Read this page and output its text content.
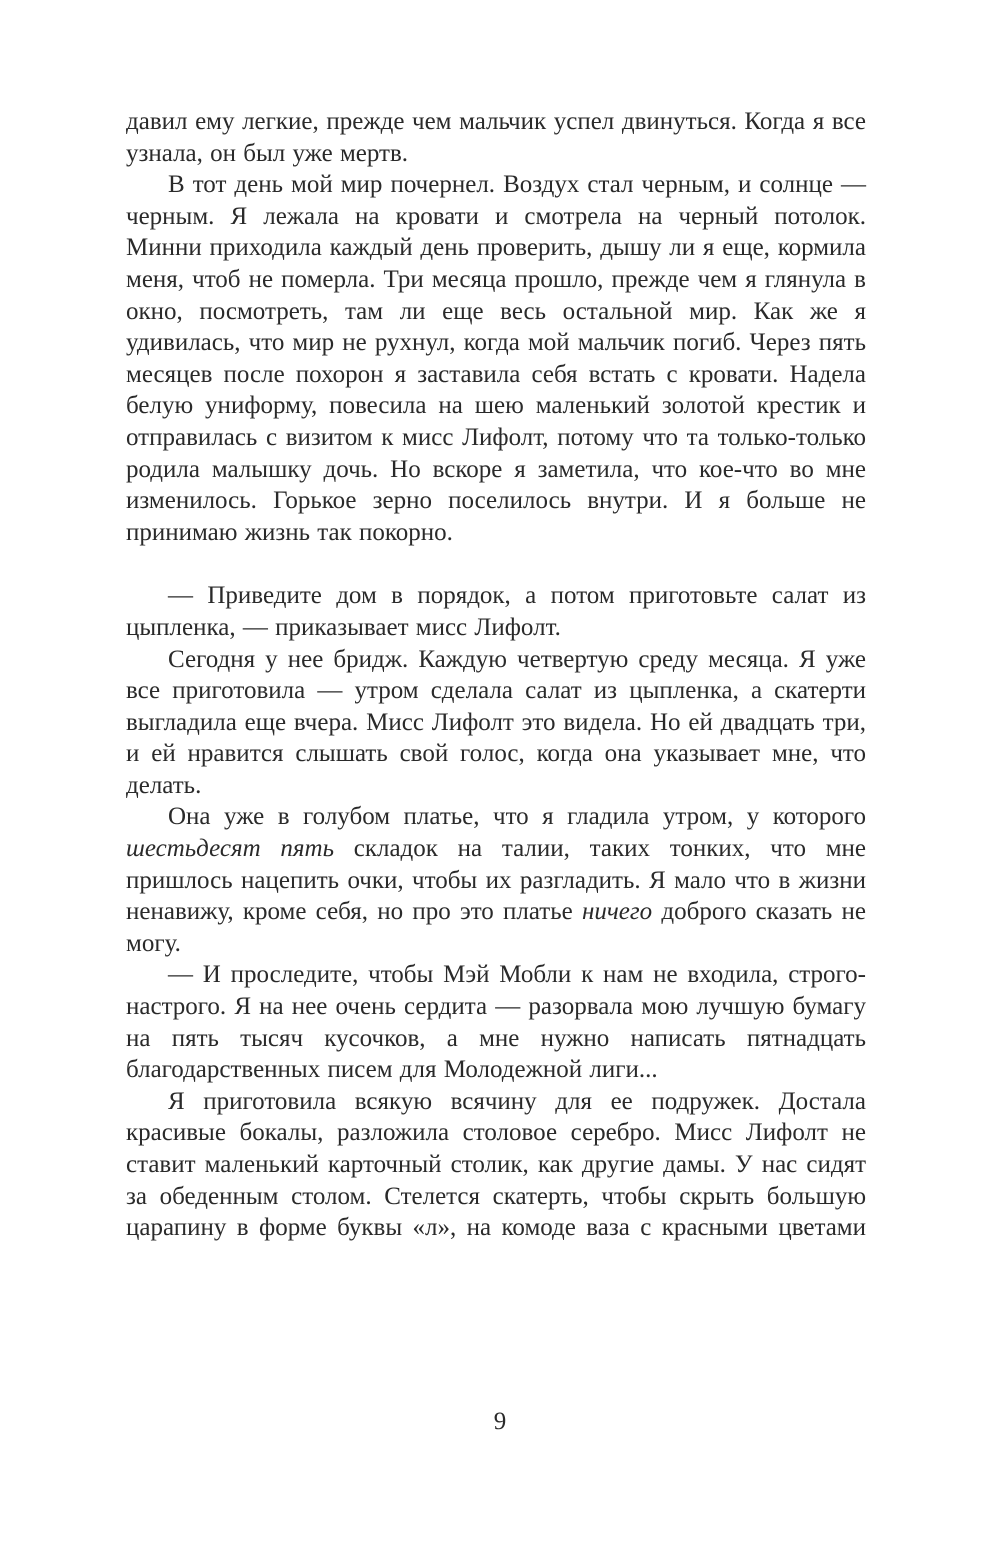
давил ему легкие, прежде чем мальчик успел двинуться. Когда я все узнала, он был уже мертв.

В тот день мой мир почернел. Воздух стал черным, и солнце — черным. Я лежала на кровати и смотрела на черный потолок. Минни приходила каждый день проверить, дышу ли я еще, кормила меня, чтоб не померла. Три месяца прошло, прежде чем я глянула в окно, посмотреть, там ли еще весь остальной мир. Как же я удивилась, что мир не рухнул, когда мой мальчик погиб. Через пять месяцев после похорон я заставила себя встать с кровати. Надела белую униформу, повесила на шею маленький золотой крестик и отправилась с визитом к мисс Лифолт, потому что та только-только родила малышку дочь. Но вскоре я заметила, что кое-что во мне изменилось. Горькое зерно поселилось внутри. И я больше не принимаю жизнь так покорно.

— Приведите дом в порядок, а потом приготовьте салат из цыпленка, — приказывает мисс Лифолт.

Сегодня у нее бридж. Каждую четвертую среду месяца. Я уже все приготовила — утром сделала салат из цыпленка, а скатерти выгладила еще вчера. Мисс Лифолт это видела. Но ей двадцать три, и ей нравится слышать свой голос, когда она указывает мне, что делать.

Она уже в голубом платье, что я гладила утром, у которого шестьдесят пять складок на талии, таких тонких, что мне пришлось нацепить очки, чтобы их разгладить. Я мало что в жизни ненавижу, кроме себя, но про это платье ничего доброго сказать не могу.

— И проследите, чтобы Мэй Мобли к нам не входила, строго-настрого. Я на нее очень сердита — разорвала мою лучшую бумагу на пять тысяч кусочков, а мне нужно написать пятнадцать благодарственных писем для Молодежной лиги...

Я приготовила всякую всячину для ее подружек. Достала красивые бокалы, разложила столовое серебро. Мисс Лифолт не ставит маленький карточный столик, как другие дамы. У нас сидят за обеденным столом. Стелется скатерть, чтобы скрыть большую царапину в форме буквы «л», на комоде ваза с красными цветами

9
